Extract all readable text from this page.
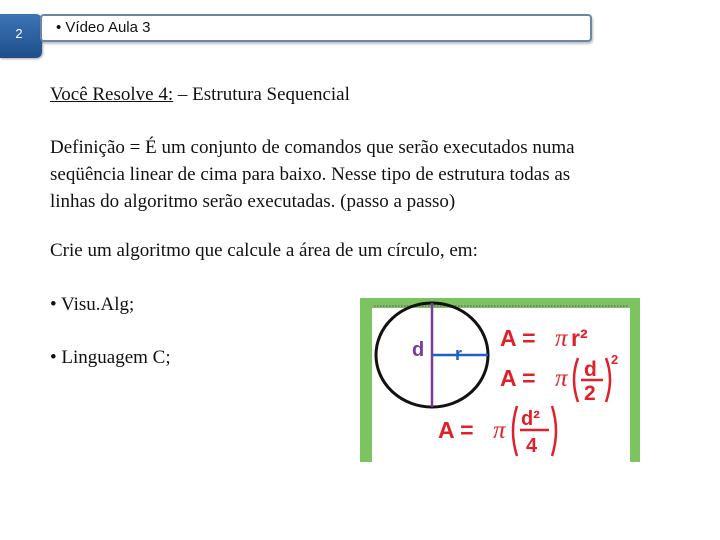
2	• Vídeo Aula 3
Você Resolve 4: – Estrutura Sequencial
Definição = É um conjunto de comandos que serão executados numa
seqüência linear de cima para baixo. Nesse tipo de estrutura todas as
linhas do algoritmo serão executadas. (passo a passo)
Crie um algoritmo que calcule a área de um círculo, em:
• Visu.Alg;
• Linguagem C;	d r
A = π r²
A = π d
2
2
A = π d²
4
